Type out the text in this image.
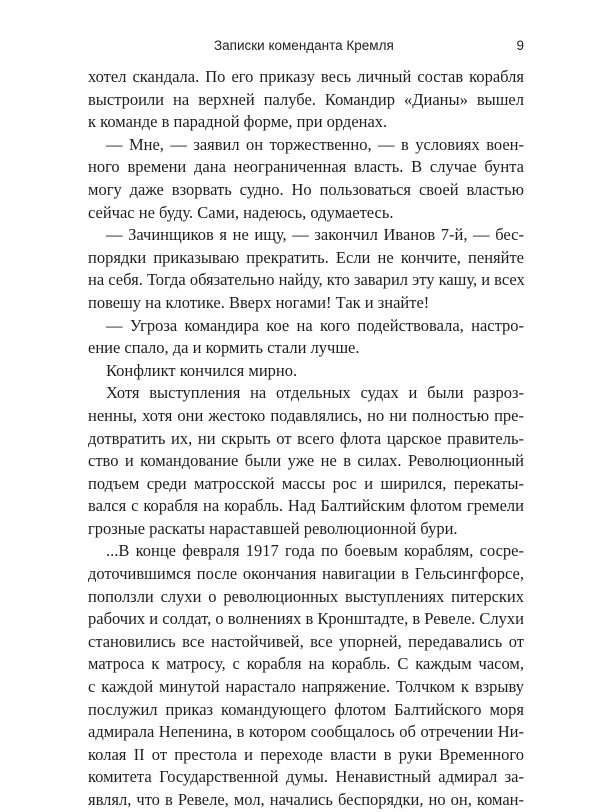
Записки коменданта Кремля	9
хотел скандала. По его приказу весь личный состав корабля
выстроили на верхней палубе. Командир «Дианы» вышел
к команде в парадной форме, при орденах.
— Мне, — заявил он торжественно, — в условиях воен-
ного времени дана неограниченная власть. В случае бунта
могу даже взорвать судно. Но пользоваться своей властью
сейчас не буду. Сами, надеюсь, одумаетесь.
— Зачинщиков я не ищу, — закончил Иванов 7-й, — бес-
порядки приказываю прекратить. Если не кончите, пеняйте
на себя. Тогда обязательно найду, кто заварил эту кашу, и всех
повешу на клотике. Вверх ногами! Так и знайте!
— Угроза командира кое на кого подействовала, настро-
ение спало, да и кормить стали лучше.
Конфликт кончился мирно.
Хотя выступления на отдельных судах и были разроз-
ненны, хотя они жестоко подавлялись, но ни полностью пре-
дотвратить их, ни скрыть от всего флота царское правитель-
ство и командование были уже не в силах. Революционный
подъем среди матросской массы рос и ширился, перекаты-
вался с корабля на корабль. Над Балтийским флотом гремели
грозные раскаты нараставшей революционной бури.
...В конце февраля 1917 года по боевым кораблям, сосре-
доточившимся после окончания навигации в Гельсингфорсе,
поползли слухи о революционных выступлениях питерских
рабочих и солдат, о волнениях в Кронштадте, в Ревеле. Слухи
становились все настойчивей, все упорней, передавались от
матроса к матросу, с корабля на корабль. С каждым часом,
с каждой минутой нарастало напряжение. Толчком к взрыву
послужил приказ командующего флотом Балтийского моря
адмирала Непенина, в котором сообщалось об отречении Ни-
колая II от престола и переходе власти в руки Временного
комитета Государственной думы. Ненавистный адмирал за-
являл, что в Ревеле, мол, начались беспорядки, но он, коман-
